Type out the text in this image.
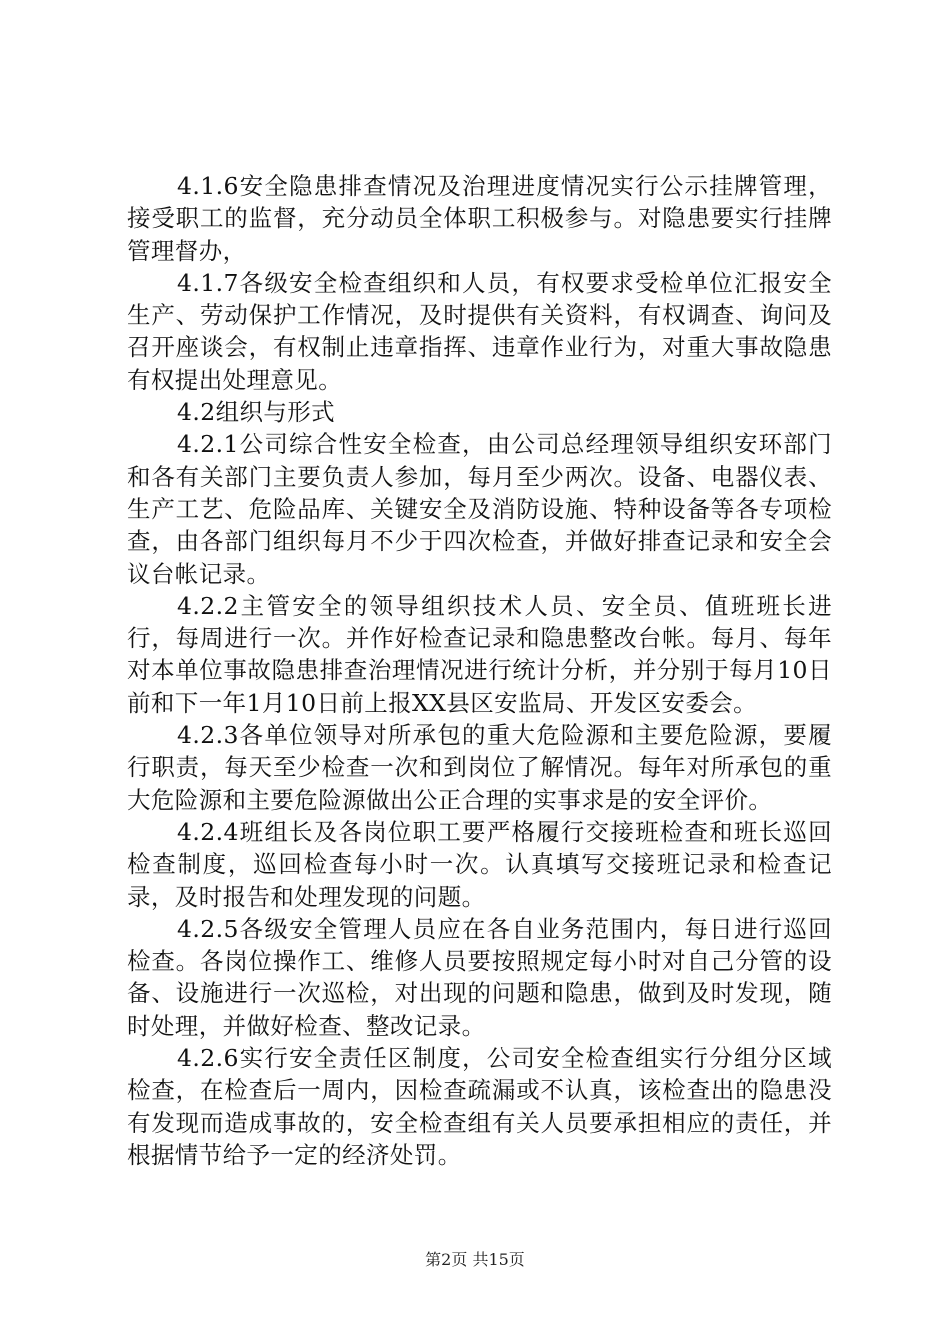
4.1.6安全隐患排查情况及治理进度情况实行公示挂牌管理，接受职工的监督，充分动员全体职工积极参与。对隐患要实行挂牌管理督办，

4.1.7各级安全检查组织和人员，有权要求受检单位汇报安全生产、劳动保护工作情况，及时提供有关资料，有权调查、询问及召开座谈会，有权制止违章指挥、违章作业行为，对重大事故隐患有权提出处理意见。

4.2组织与形式

4.2.1公司综合性安全检查，由公司总经理领导组织安环部门和各有关部门主要负责人参加，每月至少两次。设备、电器仪表、生产工艺、危险品库、关键安全及消防设施、特种设备等各专项检查，由各部门组织每月不少于四次检查，并做好排查记录和安全会议台帐记录。

4.2.2主管安全的领导组织技术人员、安全员、值班班长进行，每周进行一次。并作好检查记录和隐患整改台帐。每月、每年对本单位事故隐患排查治理情况进行统计分析，并分别于每月10日前和下一年1月10日前上报XX县区安监局、开发区安委会。

4.2.3各单位领导对所承包的重大危险源和主要危险源，要履行职责，每天至少检查一次和到岗位了解情况。每年对所承包的重大危险源和主要危险源做出公正合理的实事求是的安全评价。

4.2.4班组长及各岗位职工要严格履行交接班检查和班长巡回检查制度，巡回检查每小时一次。认真填写交接班记录和检查记录，及时报告和处理发现的问题。

4.2.5各级安全管理人员应在各自业务范围内，每日进行巡回检查。各岗位操作工、维修人员要按照规定每小时对自己分管的设备、设施进行一次巡检，对出现的问题和隐患，做到及时发现，随时处理，并做好检查、整改记录。

4.2.6实行安全责任区制度，公司安全检查组实行分组分区域检查，在检查后一周内，因检查疏漏或不认真，该检查出的隐患没有发现而造成事故的，安全检查组有关人员要承担相应的责任，并根据情节给予一定的经济处罚。

第2页 共15页
